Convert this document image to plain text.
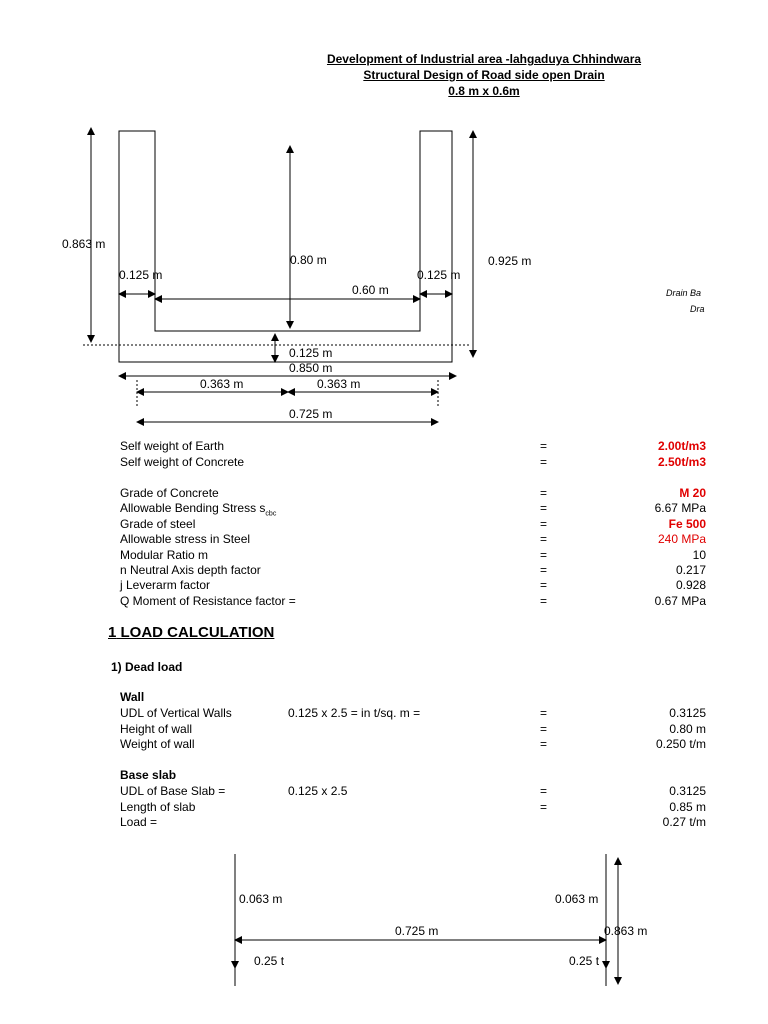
Development of Industrial area -lahgaduya Chhindwara
Structural Design of Road side open Drain
0.8 m x 0.6m
0.863 m
0.125 m
0.80 m
0.125 m
0.925 m
0.60 m
0.125 m
0.850 m
0.363 m	0.363 m
0.725 m
Drain Ba
Dra
Self weight of Earth	=	2.00t/m3
Self weight of Concrete	=	2.50t/m3
Grade of Concrete	=	M 20
Allowable Bending Stress $s_{cbc}$	=	6.67 MPa
Grade of steel	=	Fe 500
Allowable stress in Steel	=	240 MPa
Modular Ratio m	=	10
n Neutral Axis depth factor	=	0.217
j Leverarm factor	=	0.928
Q Moment of Resistance factor =	=	0.67 MPa
1 LOAD CALCULATION
1) Dead load
Wall
UDL of Vertical Walls	0.125 x 2.5 = in t/sq. m =	=	0.3125
Height of wall	=	0.80 m
Weight of wall	=	0.250 t/m
Base slab
UDL of Base Slab =	0.125 x 2.5	=	0.3125
Length of slab	=	0.85 m
Load =	0.27 t/m
0.063 m	0.063 m
0.725 m	0.863 m
0.25 t	0.25 t
